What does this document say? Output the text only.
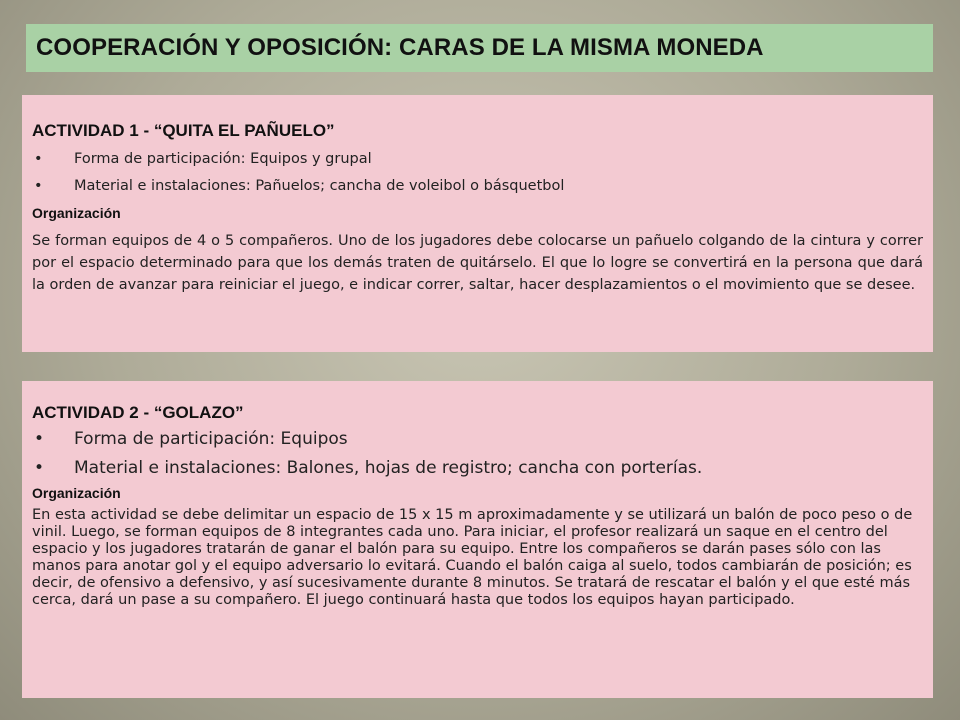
COOPERACIÓN Y OPOSICIÓN: CARAS DE LA MISMA MONEDA
ACTIVIDAD 1 - “QUITA EL PAÑUELO”
•	Forma de participación: Equipos y grupal
•	Material e instalaciones: Pañuelos; cancha de voleibol o básquetbol
Organización

Se forman equipos de 4 o 5 compañeros. Uno de los jugadores debe colocarse un pañuelo colgando de la cintura y correr por el espacio determinado para que los demás traten de quitárselo. El que lo logre se convertirá en la persona que dará la orden de avanzar para reiniciar el juego, e indicar correr, saltar, hacer desplazamientos o el movimiento que se desee.

ACTIVIDAD 2 - “GOLAZO”
•	Forma de participación: Equipos
•	Material e instalaciones: Balones, hojas de registro; cancha con porterías.
Organización

En esta actividad se debe delimitar un espacio de 15 x 15 m aproximadamente y se utilizará un balón de poco peso o de vinil. Luego, se forman equipos de 8 integrantes cada uno. Para iniciar, el profesor realizará un saque en el centro del espacio y los jugadores tratarán de ganar el balón para su equipo. Entre los compañeros se darán pases sólo con las manos para anotar gol y el equipo adversario lo evitará. Cuando el balón caiga al suelo, todos cambiarán de posición; es decir, de ofensivo a defensivo, y así sucesivamente durante 8 minutos. Se tratará de rescatar el balón y el que esté más cerca, dará un pase a su compañero. El juego continuará hasta que todos los equipos hayan participado.
